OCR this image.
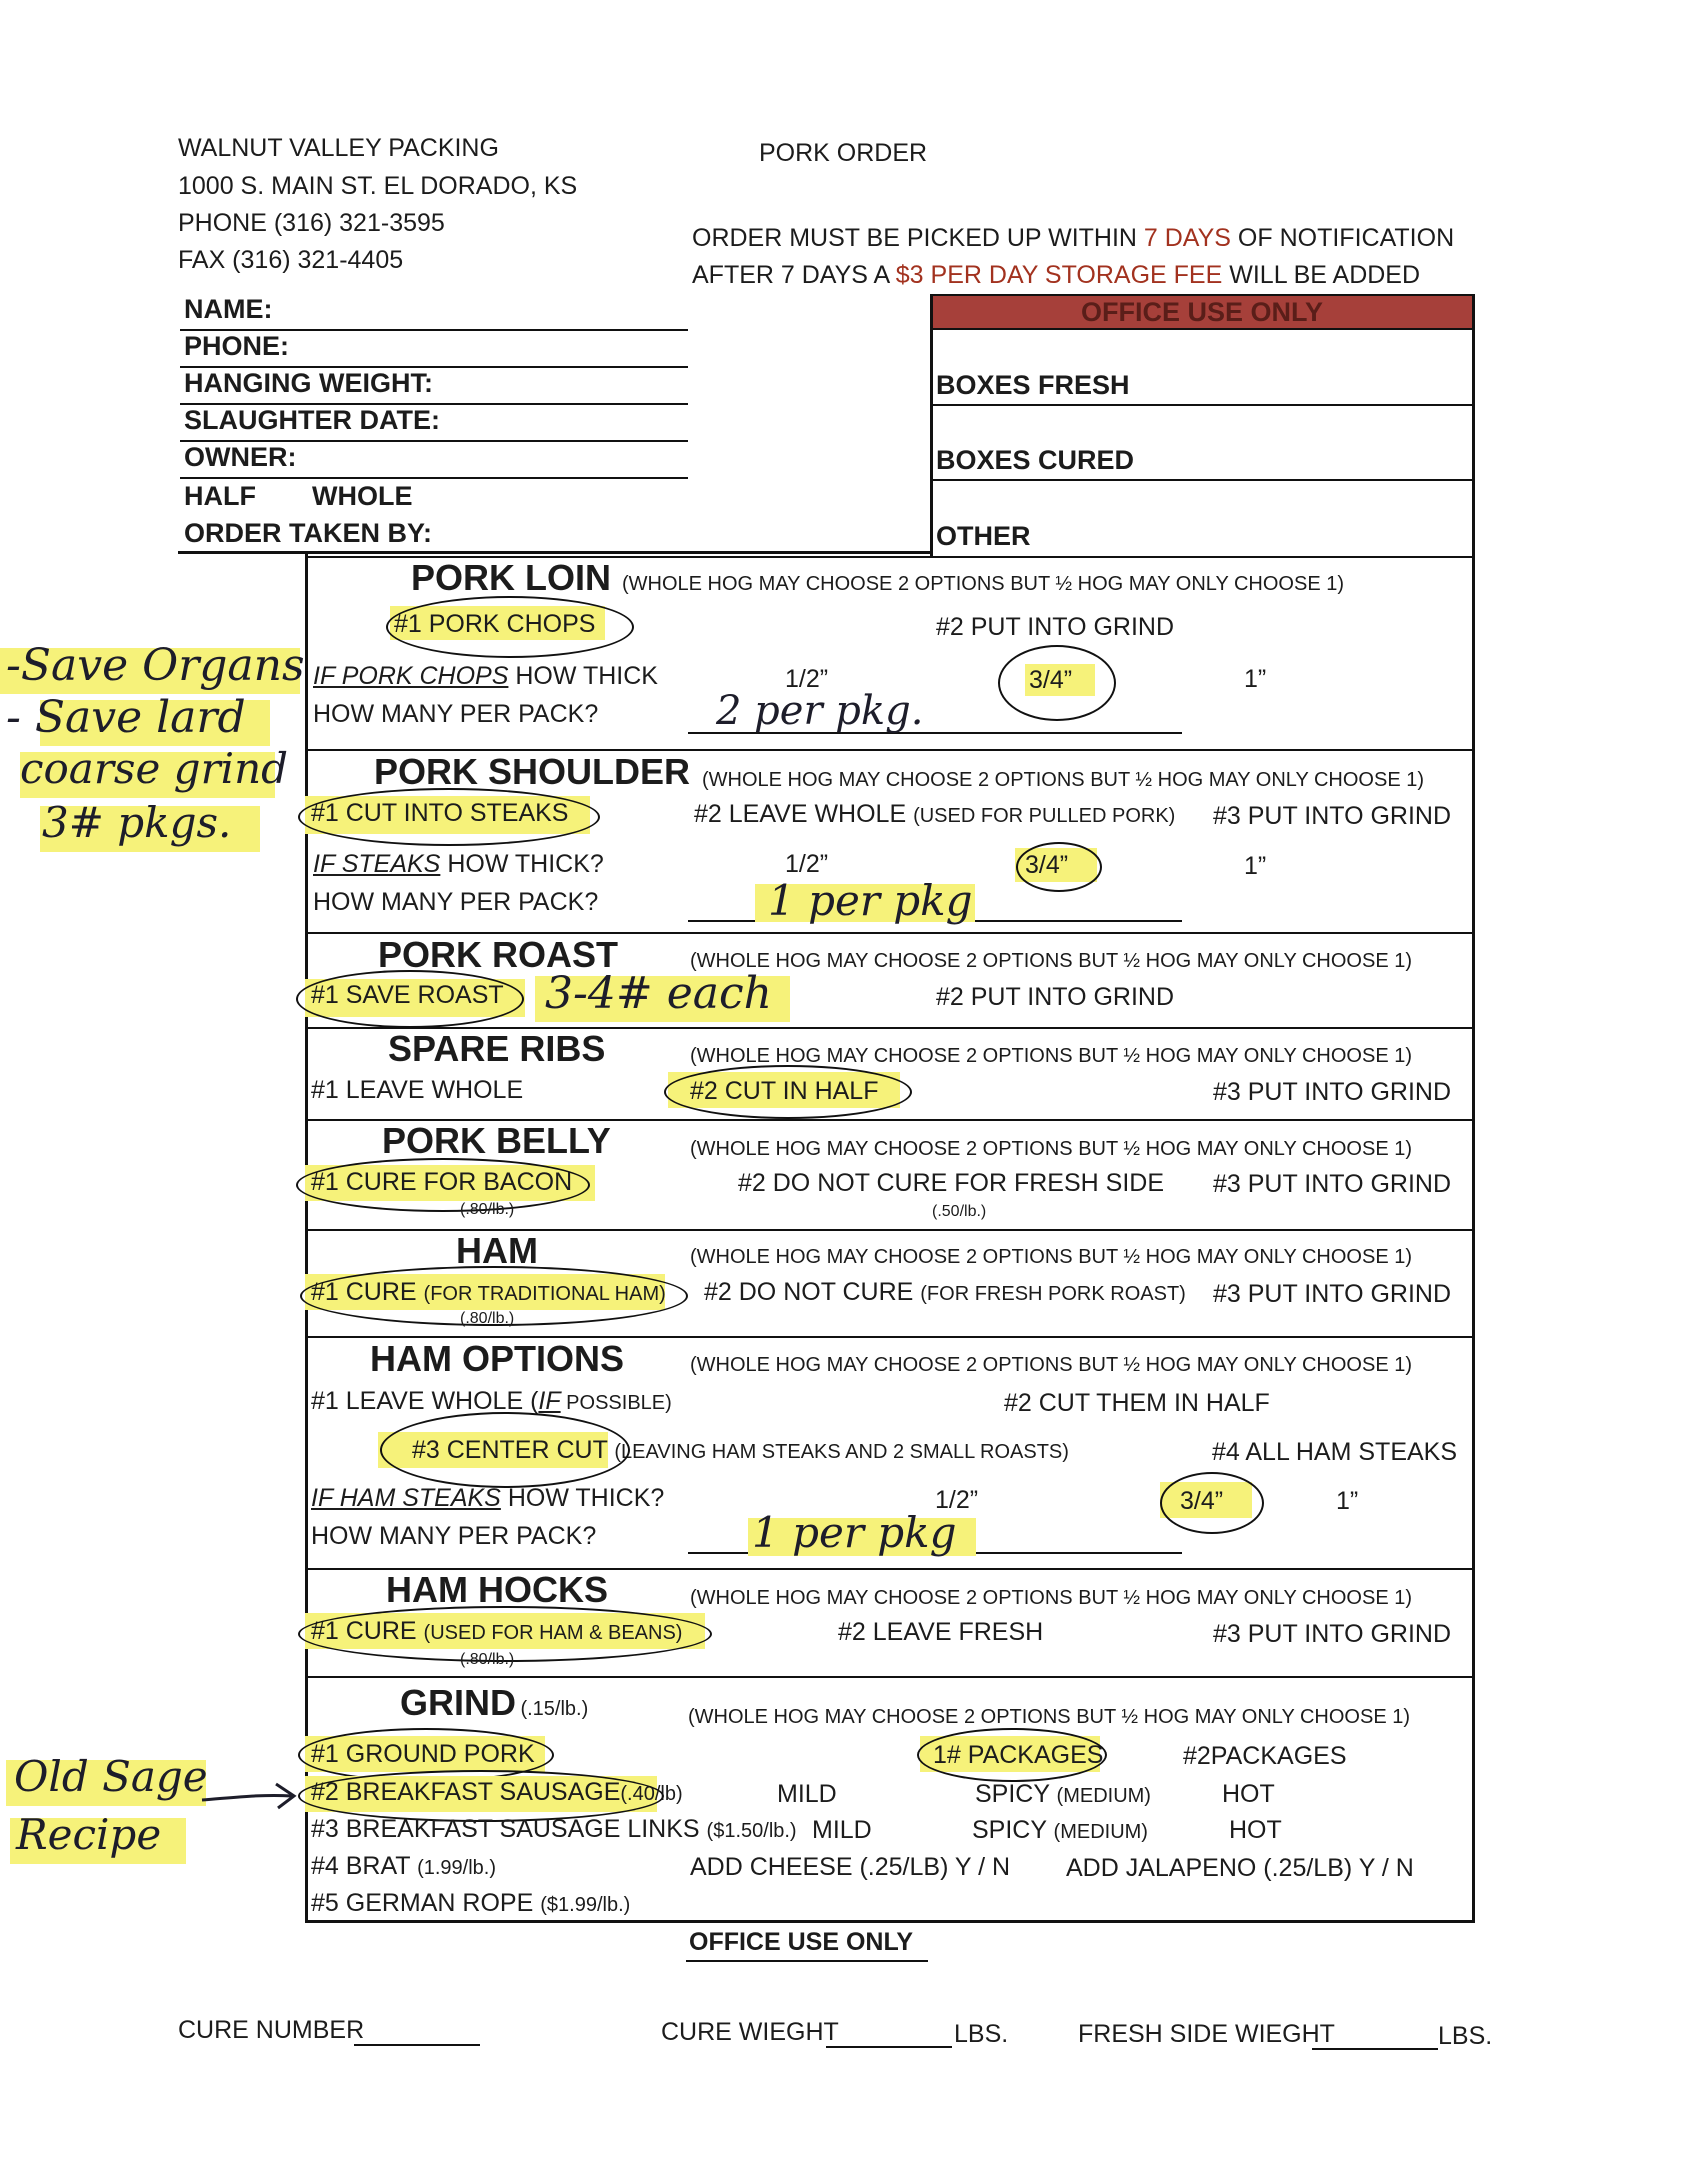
WALNUT VALLEY PACKING
1000 S. MAIN ST. EL DORADO, KS
PHONE (316) 321-3595
FAX (316) 321-4405
PORK ORDER
ORDER MUST BE PICKED UP WITHIN 7 DAYS OF NOTIFICATION
AFTER 7 DAYS A $3 PER DAY STORAGE FEE WILL BE ADDED
NAME:
PHONE:
HANGING WEIGHT:
SLAUGHTER DATE:
OWNER:
HALF WHOLE
ORDER TAKEN BY:
OFFICE USE ONLY
BOXES FRESH
BOXES CURED
OTHER
PORK LOIN (WHOLE HOG MAY CHOOSE 2 OPTIONS BUT ½ HOG MAY ONLY CHOOSE 1)
#1 PORK CHOPS	#2 PUT INTO GRIND
IF PORK CHOPS HOW THICK	1/2”	3/4”	1”
HOW MANY PER PACK?	2 per pkg.
PORK SHOULDER (WHOLE HOG MAY CHOOSE 2 OPTIONS BUT ½ HOG MAY ONLY CHOOSE 1)
#1 CUT INTO STEAKS	#2 LEAVE WHOLE (USED FOR PULLED PORK) #3 PUT INTO GRIND
IF STEAKS HOW THICK?	1/2”	3/4”	1”
HOW MANY PER PACK?	1 per pkg
PORK ROAST	(WHOLE HOG MAY CHOOSE 2 OPTIONS BUT ½ HOG MAY ONLY CHOOSE 1)
#1 SAVE ROAST 3-4# each	#2 PUT INTO GRIND
SPARE RIBS	(WHOLE HOG MAY CHOOSE 2 OPTIONS BUT ½ HOG MAY ONLY CHOOSE 1)
#1 LEAVE WHOLE	#2 CUT IN HALF	#3 PUT INTO GRIND
PORK BELLY	(WHOLE HOG MAY CHOOSE 2 OPTIONS BUT ½ HOG MAY ONLY CHOOSE 1)
#1 CURE FOR BACON
(.80/lb.)
#2 DO NOT CURE FOR FRESH SIDE
(.50/lb.)
#3 PUT INTO GRIND
HAM	(WHOLE HOG MAY CHOOSE 2 OPTIONS BUT ½ HOG MAY ONLY CHOOSE 1)
#1 CURE (FOR TRADITIONAL HAM)
(.80/lb.)
#2 DO NOT CURE (FOR FRESH PORK ROAST) #3 PUT INTO GRIND
HAM OPTIONS	(WHOLE HOG MAY CHOOSE 2 OPTIONS BUT ½ HOG MAY ONLY CHOOSE 1)
#1 LEAVE WHOLE (IF POSSIBLE)	#2 CUT THEM IN HALF
#3 CENTER CUT (LEAVING HAM STEAKS AND 2 SMALL ROASTS)	#4 ALL HAM STEAKS
IF HAM STEAKS HOW THICK?	1/2”	3/4”	1”
HOW MANY PER PACK?	1 per pkg
HAM HOCKS	(WHOLE HOG MAY CHOOSE 2 OPTIONS BUT ½ HOG MAY ONLY CHOOSE 1)
#1 CURE (USED FOR HAM & BEANS)
(.80/lb.)
#2 LEAVE FRESH	#3 PUT INTO GRIND
GRIND (.15/lb.)	(WHOLE HOG MAY CHOOSE 2 OPTIONS BUT ½ HOG MAY ONLY CHOOSE 1)
#1 GROUND PORK	1# PACKAGES	#2PACKAGES
#2 BREAKFAST SAUSAGE(.40/lb)	MILD	SPICY (MEDIUM)	HOT
#3 BREAKFAST SAUSAGE LINKS ($1.50/lb.) MILD	SPICY (MEDIUM)	HOT
#4 BRAT (1.99/lb.)	ADD CHEESE (.25/LB) Y / N ADD JALAPENO (.25/LB) Y / N
#5 GERMAN ROPE ($1.99/lb.)
OFFICE USE ONLY
CURE NUMBER	CURE WIEGHT	LBS.	FRESH SIDE WIEGHT	LBS.
-Save Organs
- Save lard
coarse grind
3# pkgs.
Old Sage
Recipe
